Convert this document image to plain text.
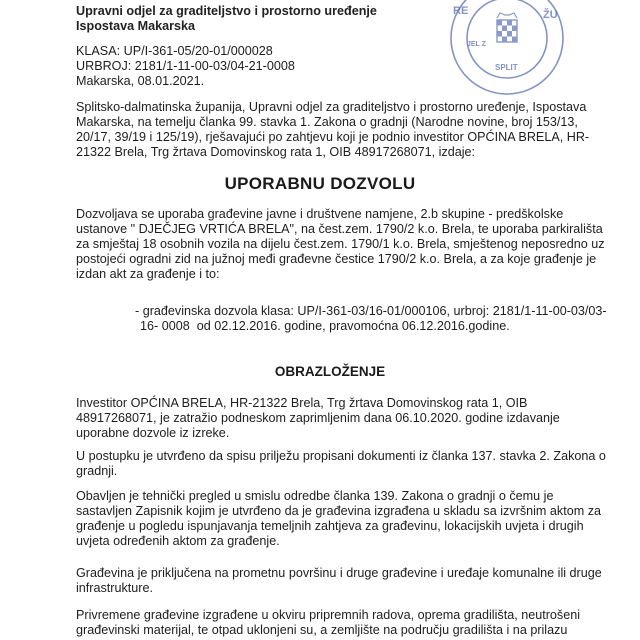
RE	ŽU
JEL Z
SPLIT
Upravni odjel za graditeljstvo i prostorno uređenje
Ispostava Makarska
KLASA: UP/I-361-05/20-01/000028
URBROJ: 2181/1-11-00-03/04-21-0008
Makarska, 08.01.2021.
Splitsko-dalmatinska županija, Upravni odjel za graditeljstvo i prostorno uređenje, Ispostava
Makarska, na temelju članka 99. stavka 1. Zakona o gradnji (Narodne novine, broj 153/13,
20/17, 39/19 i 125/19), rješavajući po zahtjevu koji je podnio investitor OPĆINA BRELA, HR-
21322 Brela, Trg žrtava Domovinskog rata 1, OIB 48917268071, izdaje:
UPORABNU DOZVOLU
Dozvoljava se uporaba građevine javne i društvene namjene, 2.b skupine - predškolske
ustanove " DJEČJEG VRTIĆA BRELA", na čest.zem. 1790/2 k.o. Brela, te uporaba parkirališta
za smještaj 18 osobnih vozila na dijelu čest.zem. 1790/1 k.o. Brela, smještenog neposredno uz
postojeći ogradni zid na južnoj međi građevne čestice 1790/2 k.o. Brela, a za koje građenje je
izdan akt za građenje i to:
- građevinska dozvola klasa: UP/I-361-03/16-01/000106, urbroj: 2181/1-11-00-03/03-
16- 0008  od 02.12.2016. godine, pravomoćna 06.12.2016.godine.
OBRAZLOŽENJE
Investitor OPĆINA BRELA, HR-21322 Brela, Trg žrtava Domovinskog rata 1, OIB
48917268071, je zatražio podneskom zaprimljenim dana 06.10.2020. godine izdavanje
uporabne dozvole iz izreke.
U postupku je utvrđeno da spisu prilježu propisani dokumenti iz članka 137. stavka 2. Zakona o
gradnji.
Obavljen je tehnički pregled u smislu odredbe članka 139. Zakona o gradnji o čemu je
sastavljen Zapisnik kojim je utvrđeno da je građevina izgrađena u skladu sa izvršnim aktom za
građenje u pogledu ispunjavanja temeljnih zahtjeva za građevinu, lokacijskih uvjeta i drugih
uvjeta određenih aktom za građenje.
Građevina je priključena na prometnu površinu i druge građevine i uređaje komunalne ili druge
infrastrukture.
Privremene građevine izgrađene u okviru pripremnih radova, oprema gradilišta, neutrošeni
građevinski materijal, te otpad uklonjeni su, a zemljište na području gradilišta i na prilazu
